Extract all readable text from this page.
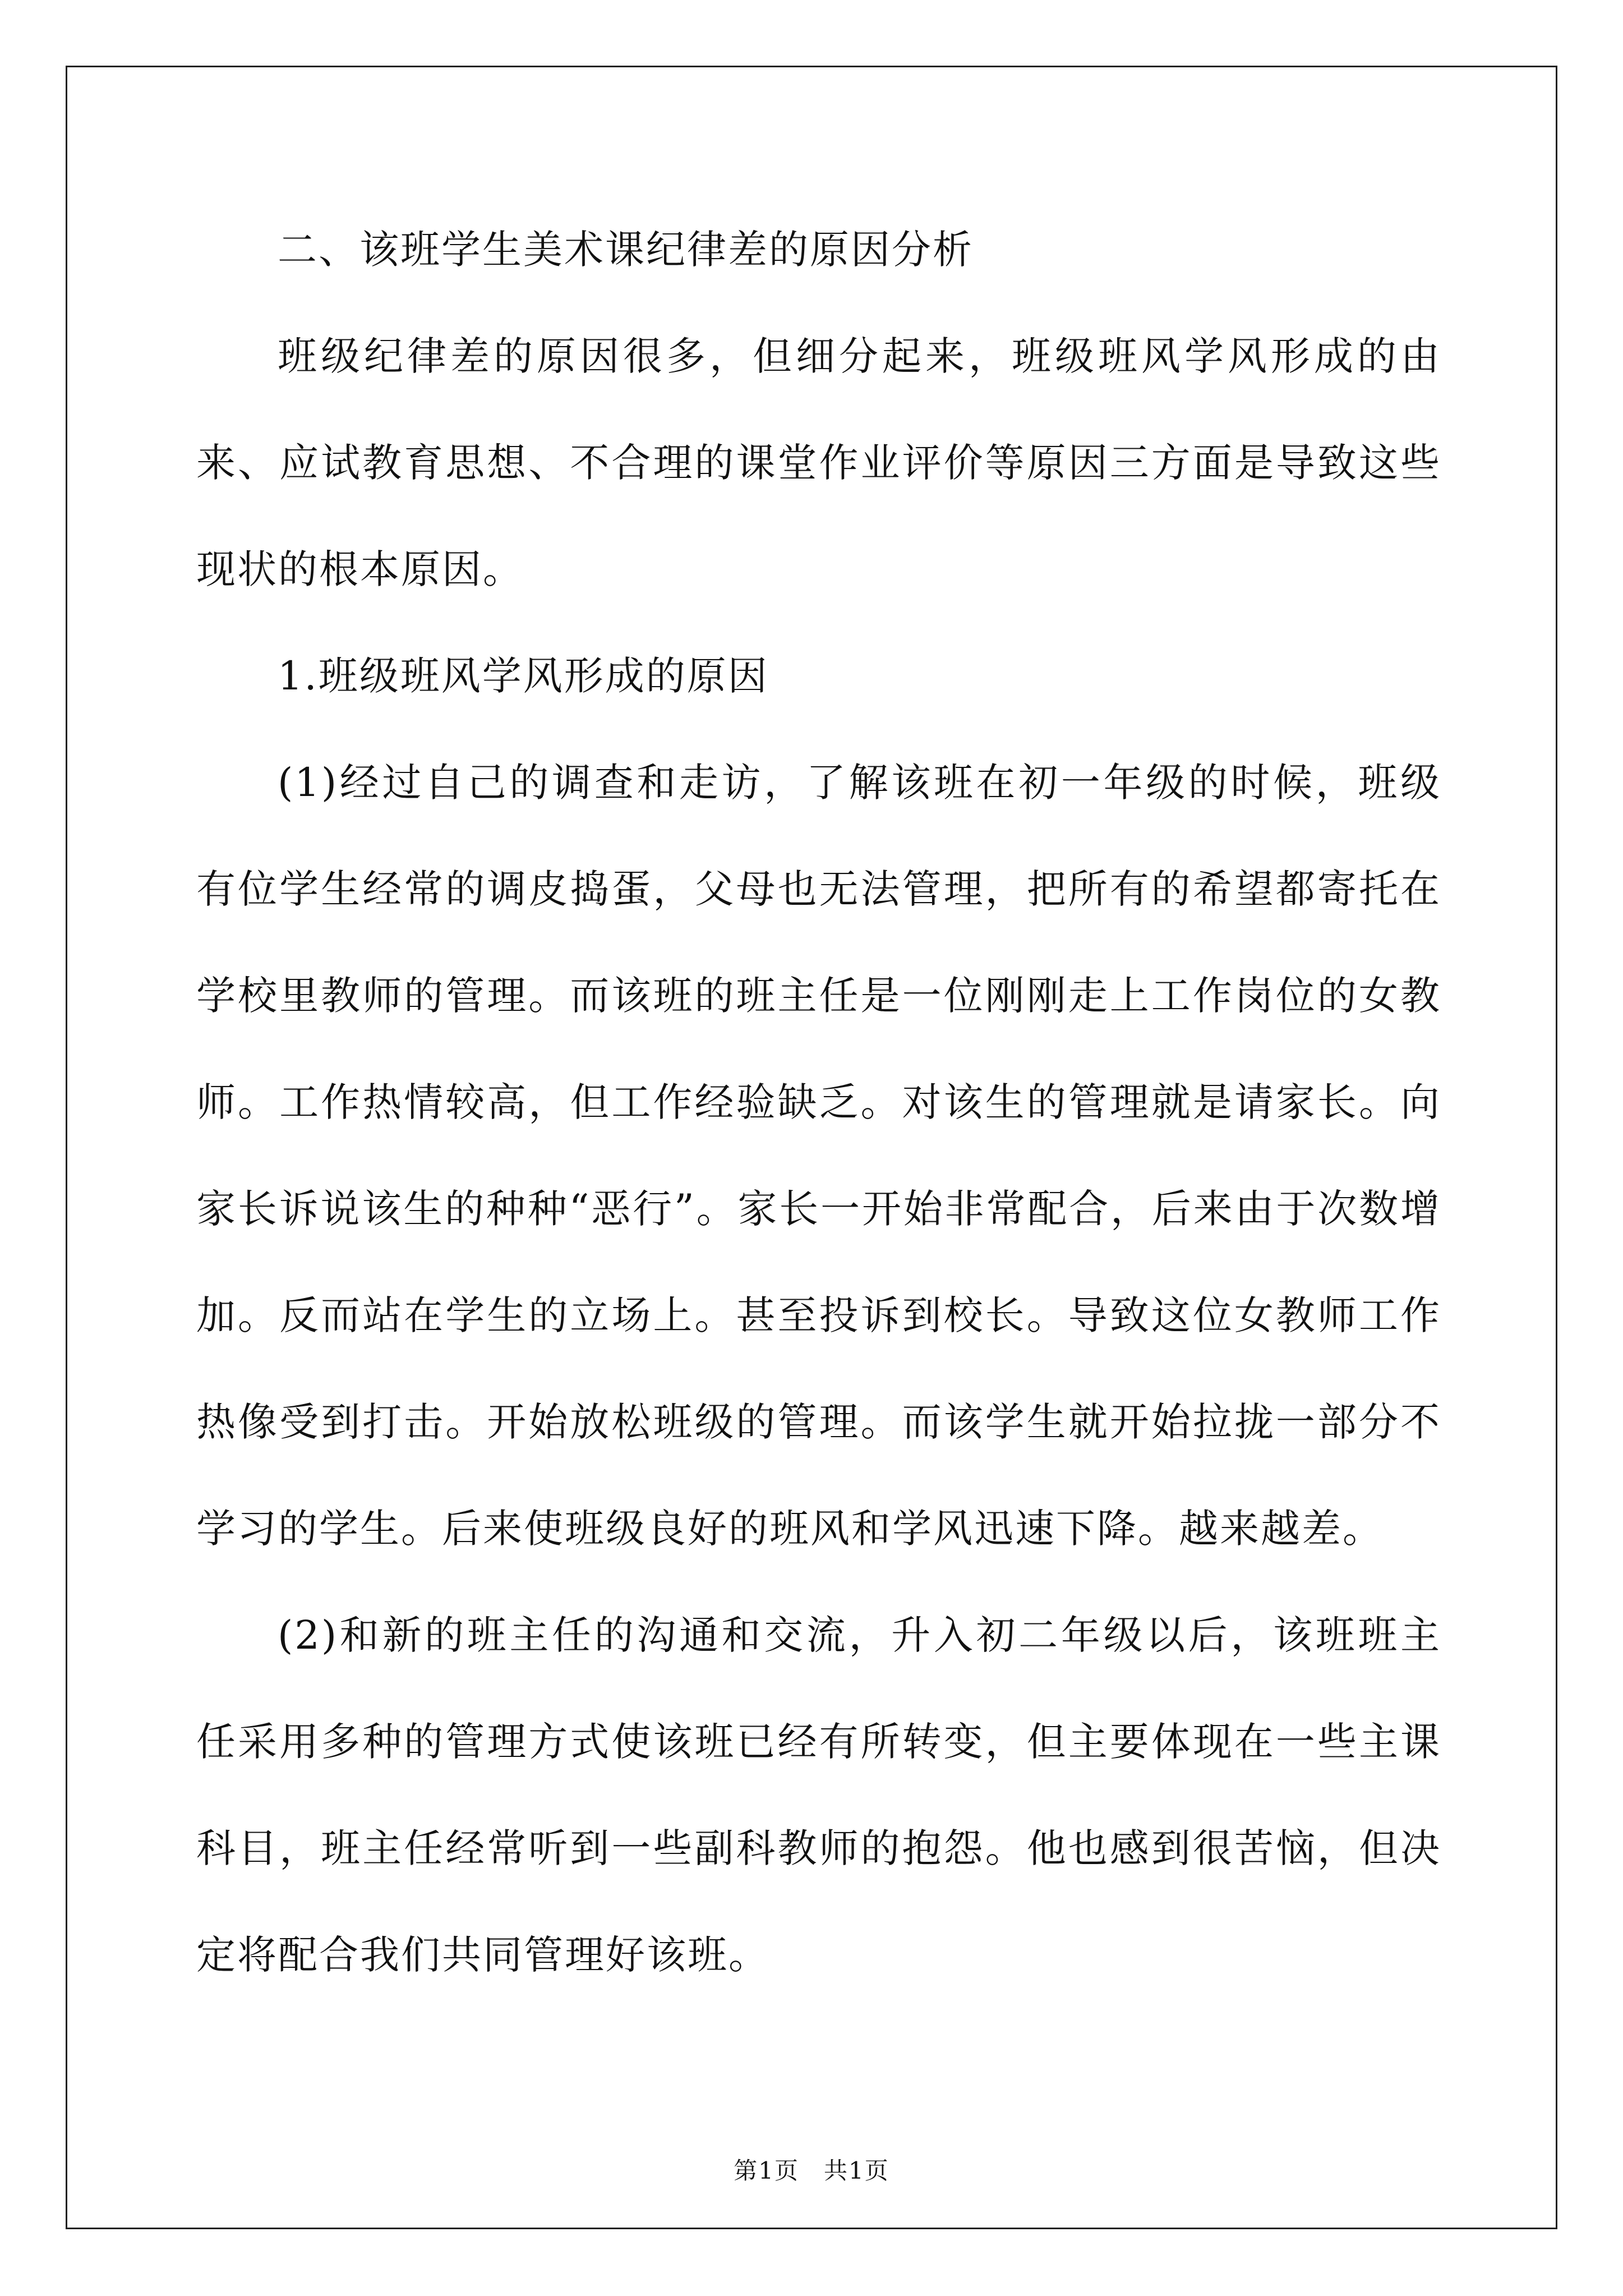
二、该班学生美术课纪律差的原因分析

班级纪律差的原因很多，但细分起来，班级班风学风形成的由来、应试教育思想、不合理的课堂作业评价等原因三方面是导致这些现状的根本原因。

1.班级班风学风形成的原因

(1)经过自己的调查和走访，了解该班在初一年级的时候，班级有位学生经常的调皮捣蛋，父母也无法管理，把所有的希望都寄托在学校里教师的管理。而该班的班主任是一位刚刚走上工作岗位的女教师。工作热情较高，但工作经验缺乏。对该生的管理就是请家长。向家长诉说该生的种种“恶行”。家长一开始非常配合，后来由于次数增加。反而站在学生的立场上。甚至投诉到校长。导致这位女教师工作热像受到打击。开始放松班级的管理。而该学生就开始拉拢一部分不学习的学生。后来使班级良好的班风和学风迅速下降。越来越差。

(2)和新的班主任的沟通和交流，升入初二年级以后，该班班主任采用多种的管理方式使该班已经有所转变，但主要体现在一些主课科目，班主任经常听到一些副科教师的抱怨。他也感到很苦恼，但决定将配合我们共同管理好该班。

第1页　共1页
